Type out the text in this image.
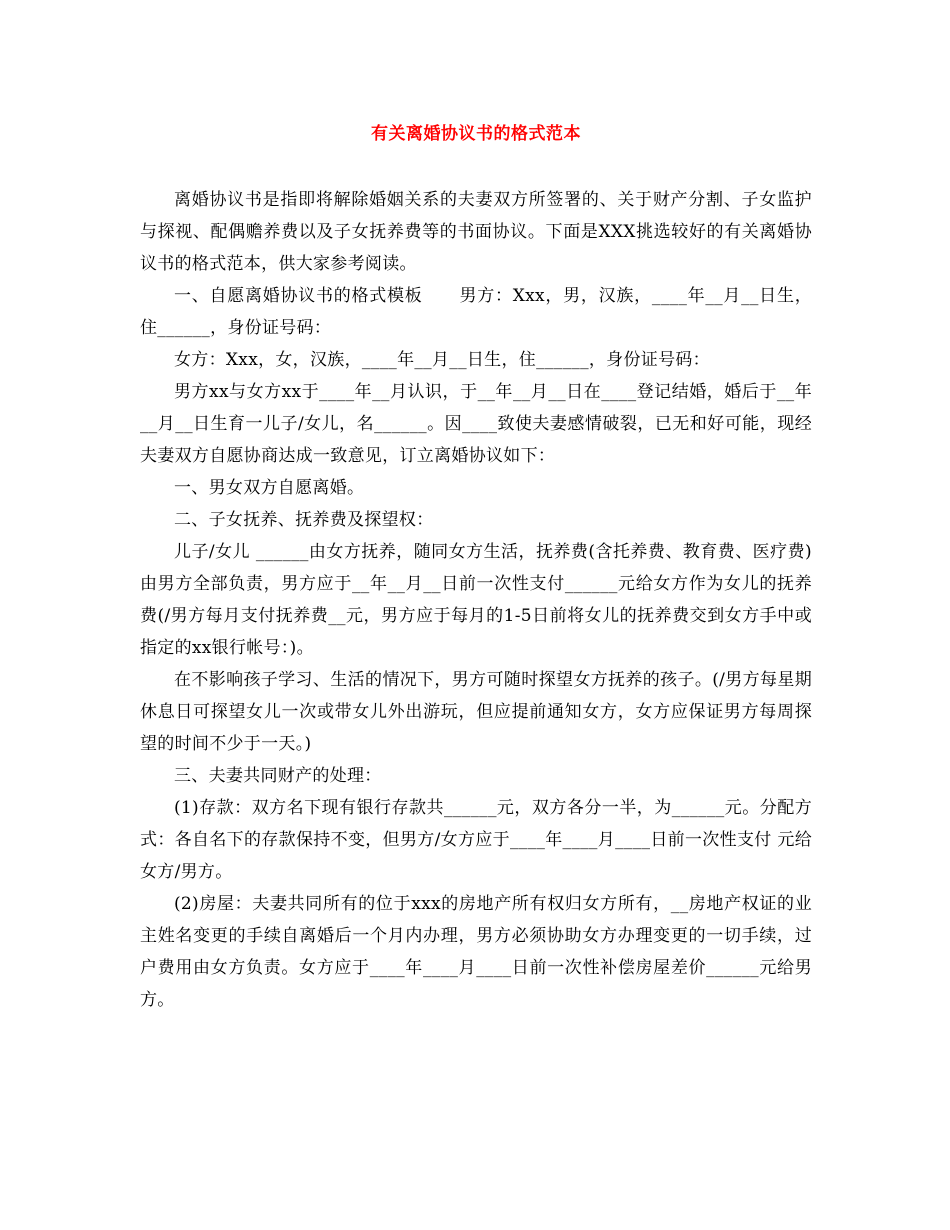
有关离婚协议书的格式范本

离婚协议书是指即将解除婚姻关系的夫妻双方所签署的、关于财产分割、子女监护与探视、配偶赡养费以及子女抚养费等的书面协议。下面是XXX挑选较好的有关离婚协议书的格式范本，供大家参考阅读。

一、自愿离婚协议书的格式模板      男方：Xxx，男，汉族，____年__月__日生，住______，身份证号码：

女方：Xxx，女，汉族，____年__月__日生，住______，身份证号码：

男方xx与女方xx于____年__月认识，于__年__月__日在____登记结婚，婚后于__年__月__日生育一儿子/女儿，名______。因____致使夫妻感情破裂，已无和好可能，现经夫妻双方自愿协商达成一致意见，订立离婚协议如下：

一、男女双方自愿离婚。

二、子女抚养、抚养费及探望权：

儿子/女儿 ______由女方抚养，随同女方生活，抚养费(含托养费、教育费、医疗费)由男方全部负责，男方应于__年__月__日前一次性支付______元给女方作为女儿的抚养费(/男方每月支付抚养费__元，男方应于每月的1-5日前将女儿的抚养费交到女方手中或指定的xx银行帐号：)。

在不影响孩子学习、生活的情况下，男方可随时探望女方抚养的孩子。(/男方每星期休息日可探望女儿一次或带女儿外出游玩，但应提前通知女方，女方应保证男方每周探望的时间不少于一天。)

三、夫妻共同财产的处理：

(1)存款：双方名下现有银行存款共______元，双方各分一半，为______元。分配方式：各自名下的存款保持不变，但男方/女方应于____年____月____日前一次性支付 元给女方/男方。

(2)房屋：夫妻共同所有的位于xxx的房地产所有权归女方所有，__房地产权证的业主姓名变更的手续自离婚后一个月内办理，男方必须协助女方办理变更的一切手续，过户费用由女方负责。女方应于____年____月____日前一次性补偿房屋差价______元给男方。
